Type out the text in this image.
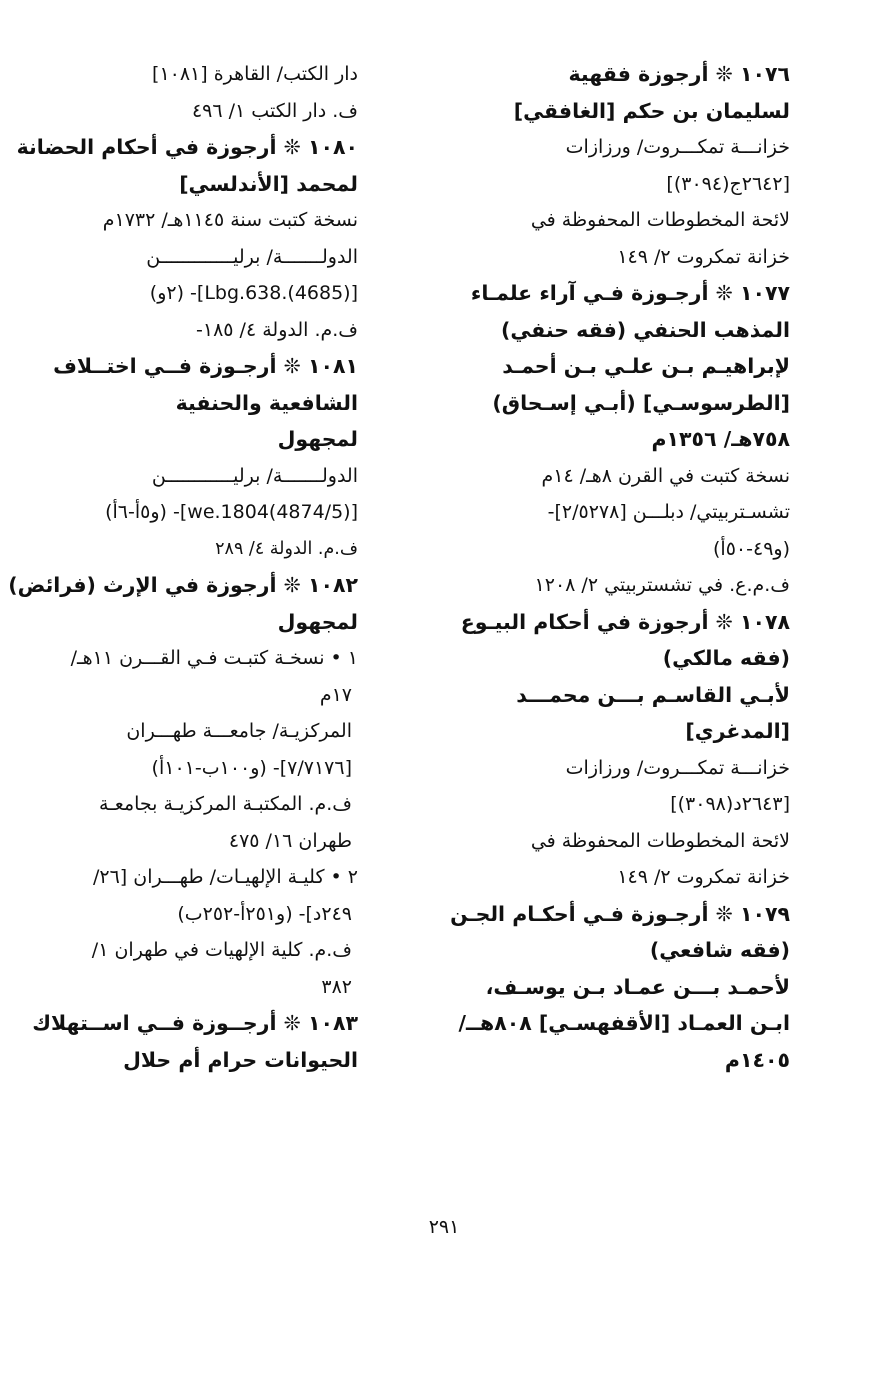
١٠٧٦ ❊ أرجوزة فقهية
لسليمان بن حكم [الغافقي]
خزانـــة تمكـــروت/ ورزازات
[٢٦٤٢ج(٣٠٩٤)]
لائحة المخطوطات المحفوظة في
خزانة تمكروت ٢/ ١٤٩
١٠٧٧ ❊ أرجـوزة فـي آراء علمـاء
المذهب الحنفي (فقه حنفي)
لإبراهيـم بـن علـي بـن أحمـد
[الطرسوسـي] (أبـي إسـحاق)
٧٥٨هـ/ ١٣٥٦م
نسخة كتبت في القرن ٨هـ/ ١٤م
تشسـتربيتي/ دبلـــن [٢/٥٢٧٨]-
(و٤٩-٥٠أ)
ف.م.ع. في تشستربيتي ٢/ ١٢٠٨
١٠٧٨ ❊ أرجوزة في أحكام البيـوع
(فقه مالكي)
لأبـي القاسـم بـــن محمـــد
[المدغري]
خزانـــة تمكـــروت/ ورزازات
[٢٦٤٣د(٣٠٩٨)]
لائحة المخطوطات المحفوظة في
خزانة تمكروت ٢/ ١٤٩
١٠٧٩ ❊ أرجـوزة فـي أحكـام الجـن
(فقه شافعي)
لأحمـد بـــن عمـاد بـن يوسـف،
ابـن العمـاد [الأقفهسـي] ٨٠٨هــ/
١٤٠٥م
دار الكتب/ القاهرة [١٠٨١]
ف. دار الكتب ١/ ٤٩٦
١٠٨٠ ❊ أرجوزة في أحكام الحضانة
لمحمد [الأندلسي]
نسخة كتبت سنة ١١٤٥هـ/ ١٧٣٢م
الدولـــــــة/ برليـــــــــــــن
[(4685).Lbg.638]- (٢و)
ف.م. الدولة ٤/ ١٨٥-
١٠٨١ ❊ أرجـوزة فــي اختــلاف
الشافعية والحنفية
لمجهول
الدولـــــــة/ برليــــــــــــن
[(4874/5)we.1804]- (و٥أ-٦أ)
ف.م. الدولة ٤/ ٢٨٩
١٠٨٢ ❊ أرجوزة في الإرث (فرائض)
لمجهول
١ • نسخـة كتبـت فـي القـــرن ١١هـ/
١٧م
المركزيـة/ جامعـــة طهـــران
[٧/٧١٧٦]- (و١٠٠ب-١٠١أ)
ف.م. المكتبـة المركزيـة بجامعـة
طهران ١٦/ ٤٧٥
٢ • كليـة الإلهيـات/ طهـــران [٢٦/
٢٤٩د]- (و٢٥١أ-٢٥٢ب)
ف.م. كلية الإلهيات في طهران ١/
٣٨٢
١٠٨٣ ❊ أرجــوزة فــي اســتهلاك
الحيوانات حرام أم حلال
٢٩١
